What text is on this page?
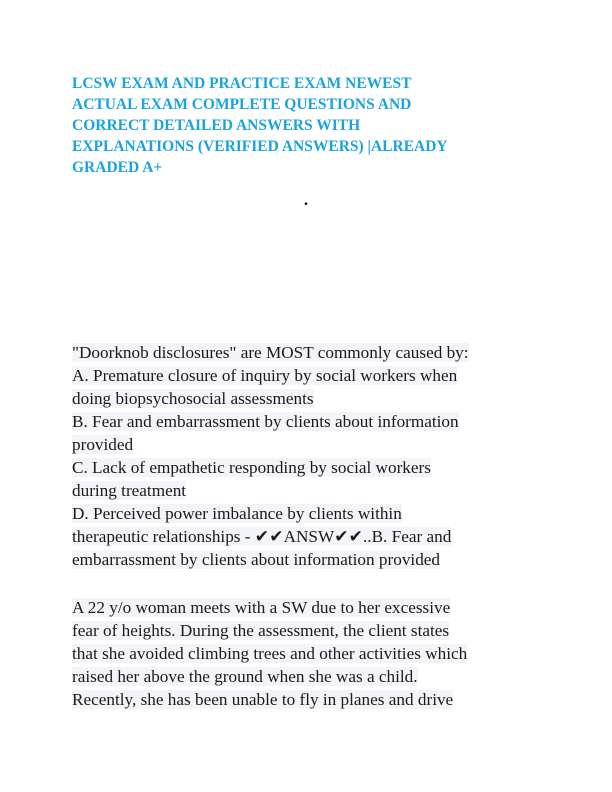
LCSW EXAM AND PRACTICE EXAM NEWEST
ACTUAL EXAM COMPLETE QUESTIONS AND
CORRECT DETAILED ANSWERS WITH
EXPLANATIONS (VERIFIED ANSWERS) |ALREADY
GRADED A+
.
"Doorknob disclosures" are MOST commonly caused by:
A. Premature closure of inquiry by social workers when
doing biopsychosocial assessments
B. Fear and embarrassment by clients about information
provided
C. Lack of empathetic responding by social workers
during treatment
D. Perceived power imbalance by clients within
therapeutic relationships - ✔✔ANSW✔✔..B. Fear and
embarrassment by clients about information provided
A 22 y/o woman meets with a SW due to her excessive
fear of heights. During the assessment, the client states
that she avoided climbing trees and other activities which
raised her above the ground when she was a child.
Recently, she has been unable to fly in planes and drive
